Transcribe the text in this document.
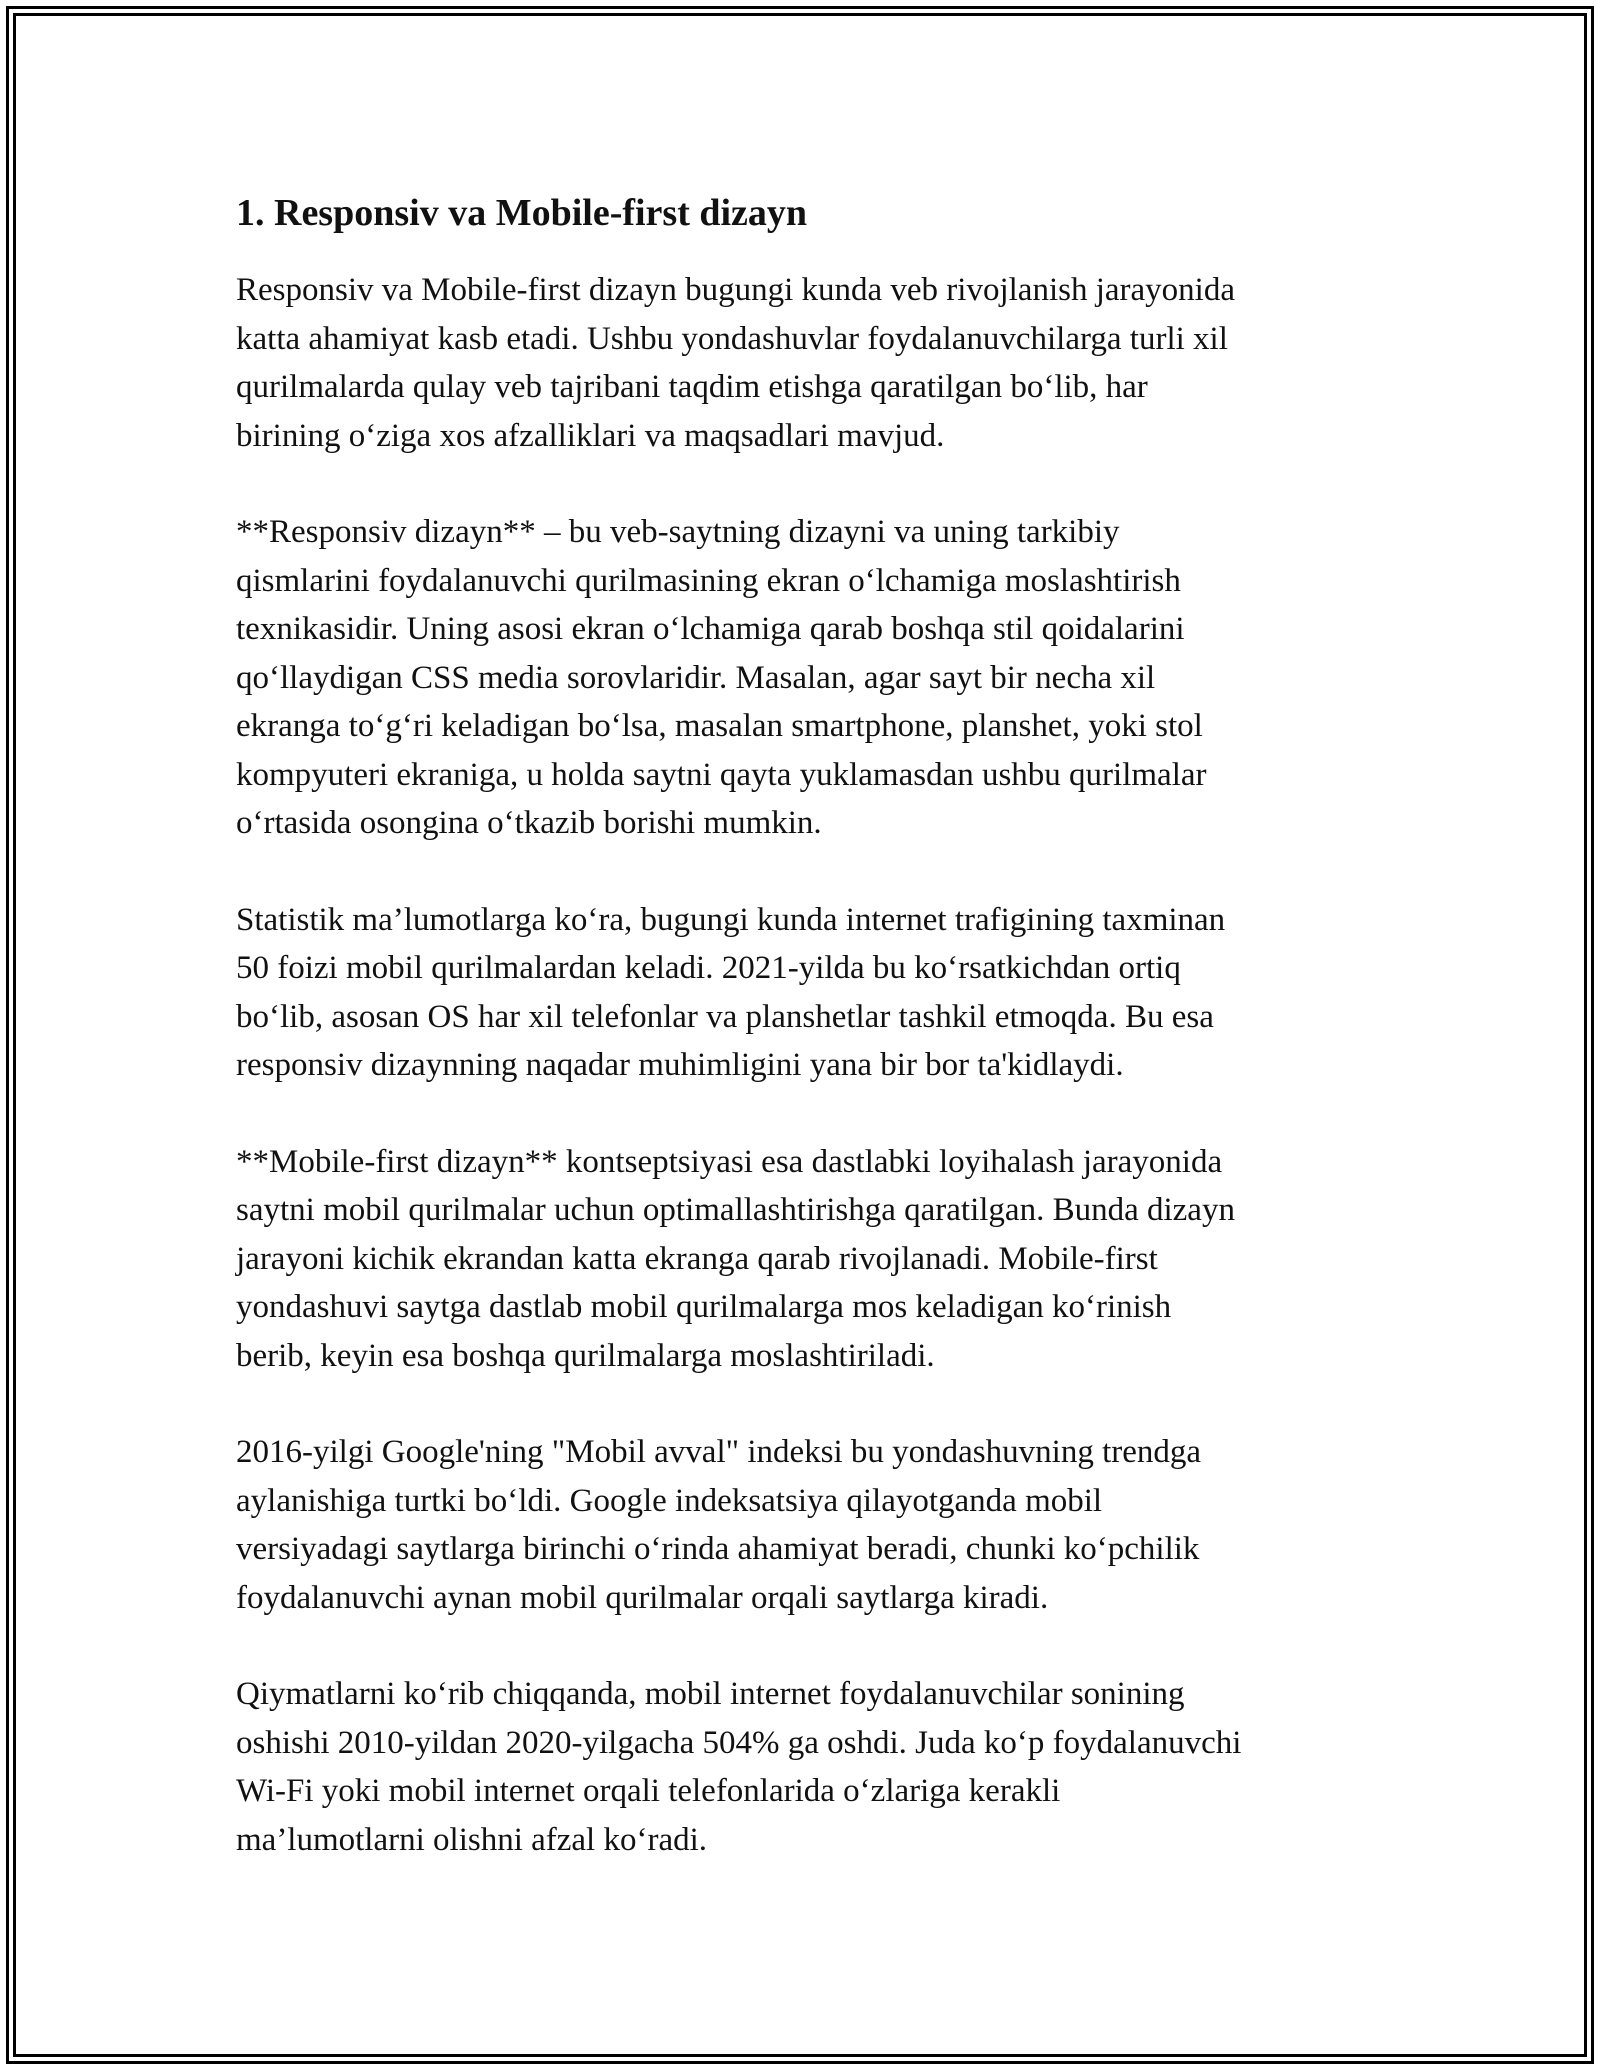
1. Responsiv va Mobile-first dizayn

Responsiv va Mobile-first dizayn bugungi kunda veb rivojlanish jarayonida
katta ahamiyat kasb etadi. Ushbu yondashuvlar foydalanuvchilarga turli xil
qurilmalarda qulay veb tajribani taqdim etishga qaratilgan bo‘lib, har
birining o‘ziga xos afzalliklari va maqsadlari mavjud.

**Responsiv dizayn** – bu veb-saytning dizayni va uning tarkibiy
qismlarini foydalanuvchi qurilmasining ekran o‘lchamiga moslashtirish
texnikasidir. Uning asosi ekran o‘lchamiga qarab boshqa stil qoidalarini
qo‘llaydigan CSS media sorovlaridir. Masalan, agar sayt bir necha xil
ekranga to‘g‘ri keladigan bo‘lsa, masalan smartphone, planshet, yoki stol
kompyuteri ekraniga, u holda saytni qayta yuklamasdan ushbu qurilmalar
o‘rtasida osongina o‘tkazib borishi mumkin.

Statistik ma’lumotlarga ko‘ra, bugungi kunda internet trafigining taxminan
50 foizi mobil qurilmalardan keladi. 2021-yilda bu ko‘rsatkichdan ortiq
bo‘lib, asosan OS har xil telefonlar va planshetlar tashkil etmoqda. Bu esa
responsiv dizaynning naqadar muhimligini yana bir bor ta'kidlaydi.

**Mobile-first dizayn** kontseptsiyasi esa dastlabki loyihalash jarayonida
saytni mobil qurilmalar uchun optimallashtirishga qaratilgan. Bunda dizayn
jarayoni kichik ekrandan katta ekranga qarab rivojlanadi. Mobile-first
yondashuvi saytga dastlab mobil qurilmalarga mos keladigan ko‘rinish
berib, keyin esa boshqa qurilmalarga moslashtiriladi.

2016-yilgi Google'ning "Mobil avval" indeksi bu yondashuvning trendga
aylanishiga turtki bo‘ldi. Google indeksatsiya qilayotganda mobil
versiyadagi saytlarga birinchi o‘rinda ahamiyat beradi, chunki ko‘pchilik
foydalanuvchi aynan mobil qurilmalar orqali saytlarga kiradi.

Qiymatlarni ko‘rib chiqqanda, mobil internet foydalanuvchilar sonining
oshishi 2010-yildan 2020-yilgacha 504% ga oshdi. Juda ko‘p foydalanuvchi
Wi-Fi yoki mobil internet orqali telefonlarida o‘zlariga kerakli
ma’lumotlarni olishni afzal ko‘radi.
